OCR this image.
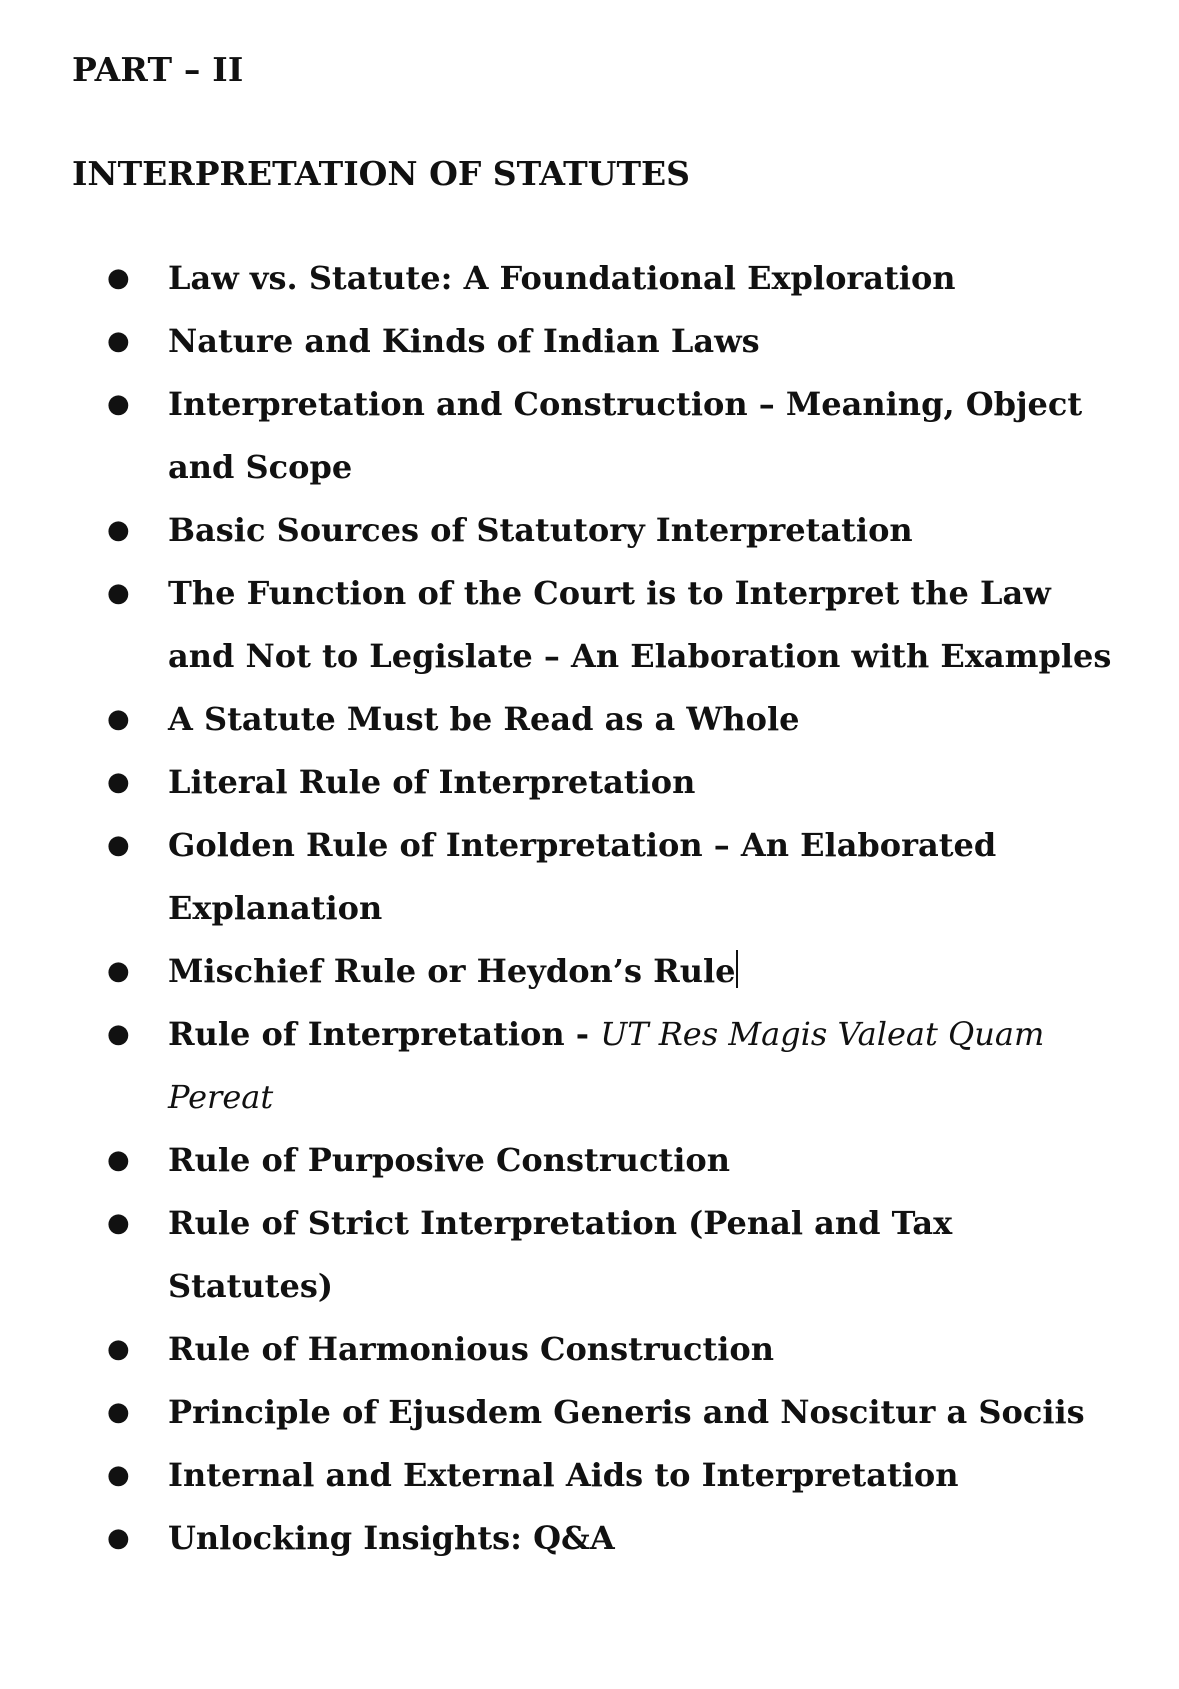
PART – II
INTERPRETATION OF STATUTES
● Law vs. Statute: A Foundational Exploration
● Nature and Kinds of Indian Laws
● Interpretation and Construction – Meaning, Object and Scope
● Basic Sources of Statutory Interpretation
● The Function of the Court is to Interpret the Law and Not to Legislate – An Elaboration with Examples
● A Statute Must be Read as a Whole
● Literal Rule of Interpretation
● Golden Rule of Interpretation – An Elaborated Explanation
● Mischief Rule or Heydon’s Rule
● Rule of Interpretation - UT Res Magis Valeat Quam Pereat
● Rule of Purposive Construction
● Rule of Strict Interpretation (Penal and Tax Statutes)
● Rule of Harmonious Construction
● Principle of Ejusdem Generis and Noscitur a Sociis
● Internal and External Aids to Interpretation
● Unlocking Insights: Q&A
